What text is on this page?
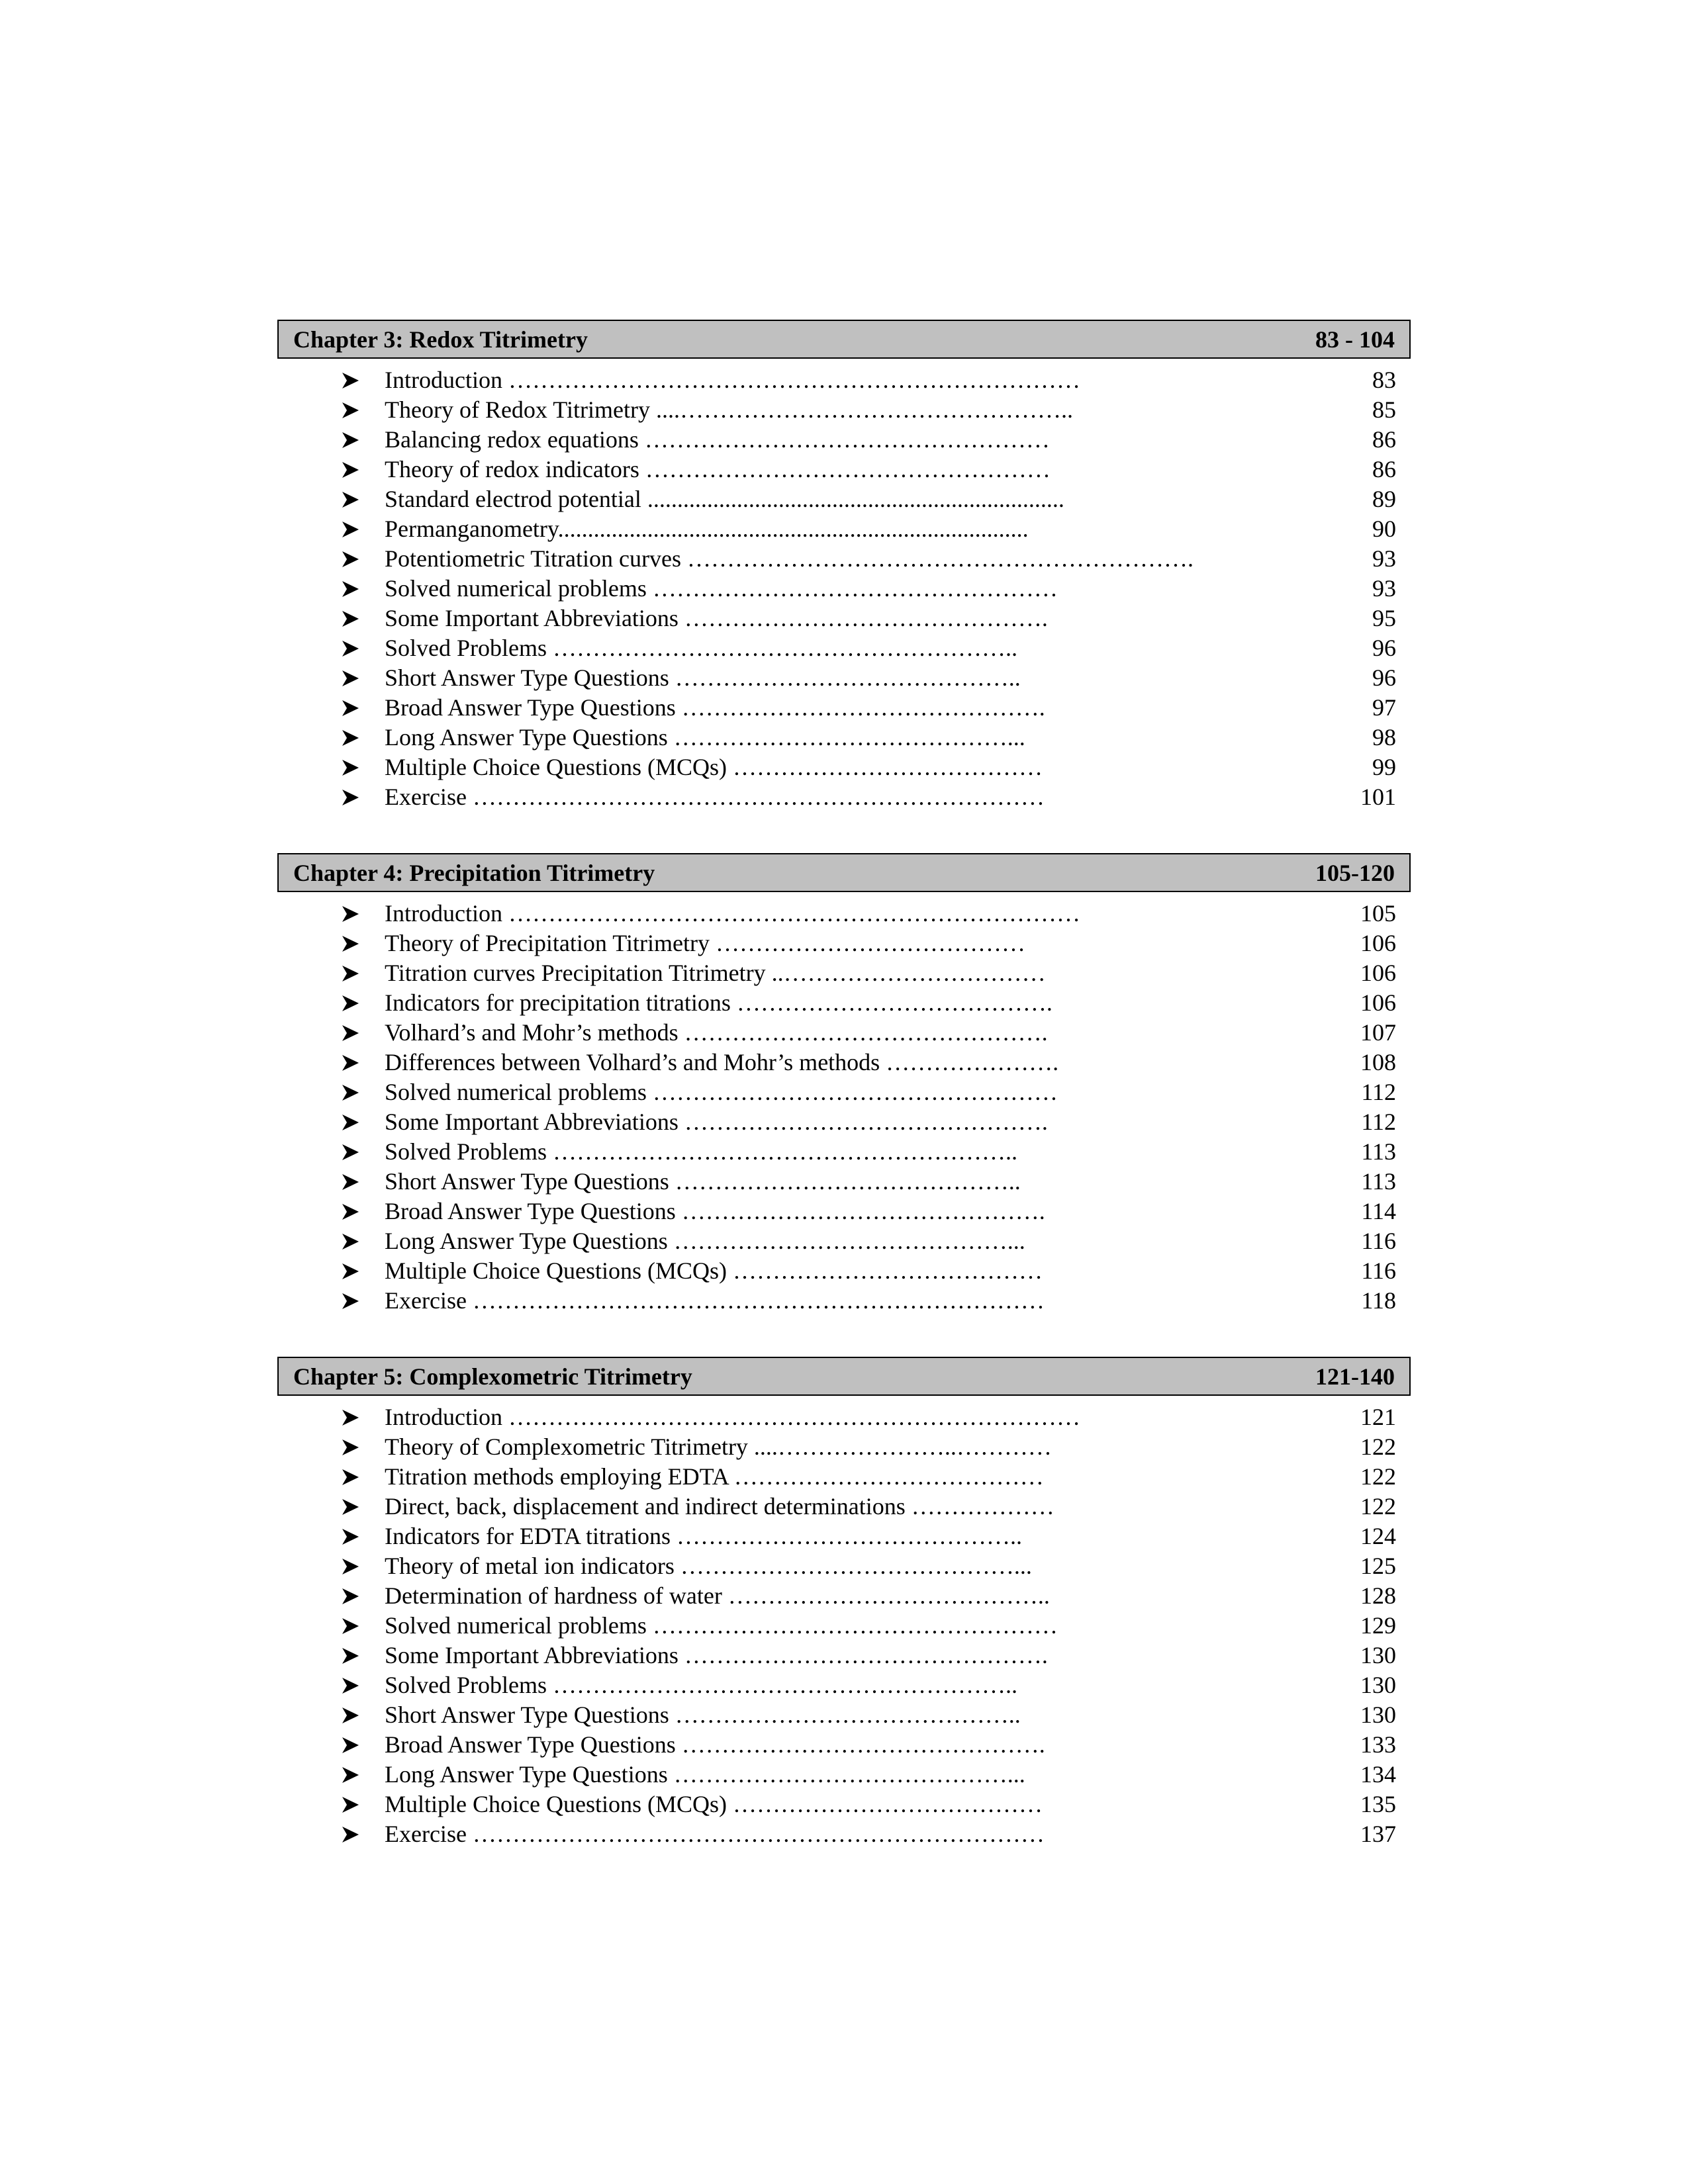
Chapter 3: Redox Titrimetry	83 - 104
Introduction ………………………………………………………………	83
Theory of Redox Titrimetry ....…………………………………………..	85
Balancing redox equations ……………………………………………	86
Theory of redox indicators ……………………………………………	86
Standard electrod potential ......................................................................	89
Permanganometry...............................................................................	90
Potentiometric Titration curves ……………………………………………………….	93
Solved numerical problems ……………………………………………	93
Some Important Abbreviations ……………………………………….	95
Solved Problems …………………………………………………..	96
Short Answer Type Questions ……………………………………..	96
Broad Answer Type Questions ……………………………………….	97
Long Answer Type Questions ……………………………………...	98
Multiple Choice Questions (MCQs) …………………………………	99
Exercise ………………………………………………………………	101
Chapter 4: Precipitation Titrimetry	105-120
Introduction ………………………………………………………………	105
Theory of Precipitation Titrimetry …………………………………	106
Titration curves Precipitation Titrimetry ..……………………………	106
Indicators for precipitation titrations ………………………………….	106
Volhard’s and Mohr’s methods ……………………………………….	107
Differences between Volhard’s and Mohr’s methods ………………….	108
Solved numerical problems ……………………………………………	112
Some Important Abbreviations ……………………………………….	112
Solved Problems …………………………………………………..	113
Short Answer Type Questions ……………………………………..	113
Broad Answer Type Questions ……………………………………….	114
Long Answer Type Questions ……………………………………...	116
Multiple Choice Questions (MCQs) …………………………………	116
Exercise ………………………………………………………………	118
Chapter 5: Complexometric Titrimetry	121-140
Introduction ………………………………………………………………	121
Theory of Complexometric Titrimetry ....…………………..…………	122
Titration methods employing EDTA …………………………………	122
Direct, back, displacement and indirect determinations ………………	122
Indicators for EDTA titrations ……………………………………..	124
Theory of metal ion indicators ……………………………………...	125
Determination of hardness of water …………………………………..	128
Solved numerical problems ……………………………………………	129
Some Important Abbreviations ……………………………………….	130
Solved Problems …………………………………………………..	130
Short Answer Type Questions ……………………………………..	130
Broad Answer Type Questions ……………………………………….	133
Long Answer Type Questions ……………………………………...	134
Multiple Choice Questions (MCQs) …………………………………	135
Exercise ………………………………………………………………	137
